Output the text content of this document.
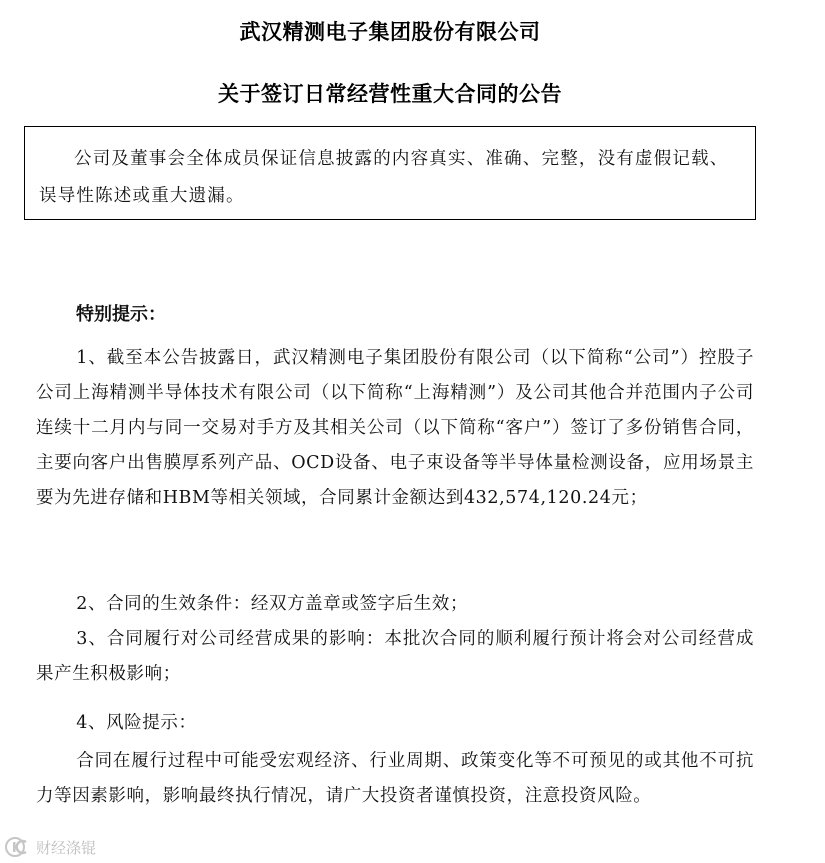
武汉精测电子集团股份有限公司
关于签订日常经营性重大合同的公告
公司及董事会全体成员保证信息披露的内容真实、准确、完整，没有虚假记载、误导性陈述或重大遗漏。
特别提示：

1、截至本公告披露日，武汉精测电子集团股份有限公司（以下简称“公司”）控股子公司上海精测半导体技术有限公司（以下简称“上海精测”）及公司其他合并范围内子公司连续十二月内与同一交易对手方及其相关公司（以下简称“客户”）签订了多份销售合同，主要向客户出售膜厚系列产品、OCD设备、电子束设备等半导体量检测设备，应用场景主要为先进存储和HBM等相关领域，合同累计金额达到432,574,120.24元；

2、合同的生效条件：经双方盖章或签字后生效；

3、合同履行对公司经营成果的影响：本批次合同的顺利履行预计将会对公司经营成果产生积极影响；

4、风险提示：

合同在履行过程中可能受宏观经济、行业周期、政策变化等不可预见的或其他不可抗力等因素影响，影响最终执行情况，请广大投资者谨慎投资，注意投资风险。

财经涤锟
